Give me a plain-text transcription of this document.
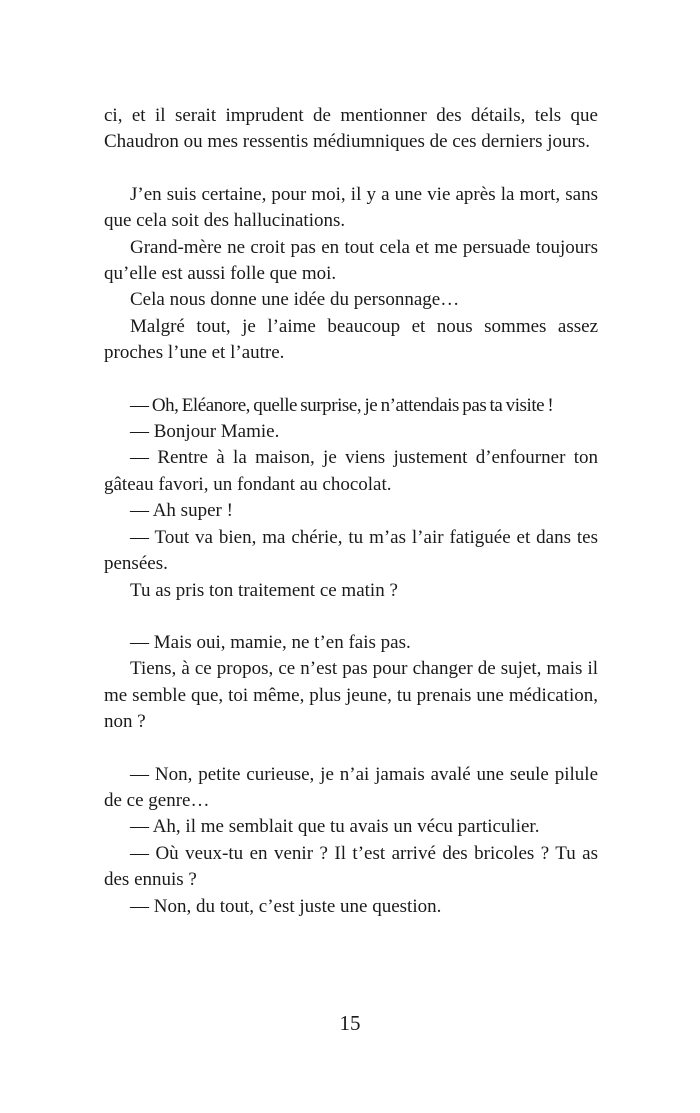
ci, et il serait imprudent de mentionner des détails, tels que Chaudron ou mes ressentis médiumniques de ces derniers jours.

J’en suis certaine, pour moi, il y a une vie après la mort, sans que cela soit des hallucinations.

Grand-mère ne croit pas en tout cela et me persuade toujours qu’elle est aussi folle que moi.

Cela nous donne une idée du personnage…

Malgré tout, je l’aime beaucoup et nous sommes assez proches l’une et l’autre.

— Oh, Eléanore, quelle surprise, je n’attendais pas ta visite !

— Bonjour Mamie.

— Rentre à la maison, je viens justement d’enfourner ton gâteau favori, un fondant au chocolat.

— Ah super !

— Tout va bien, ma chérie, tu m’as l’air fatiguée et dans tes pensées.

Tu as pris ton traitement ce matin ?

— Mais oui, mamie, ne t’en fais pas.

Tiens, à ce propos, ce n’est pas pour changer de sujet, mais il me semble que, toi même, plus jeune, tu prenais une médication, non ?

— Non, petite curieuse, je n’ai jamais avalé une seule pilule de ce genre…

— Ah, il me semblait que tu avais un vécu particulier.

— Où veux-tu en venir ? Il t’est arrivé des bricoles ? Tu as des ennuis ?

— Non, du tout, c’est juste une question.

15
